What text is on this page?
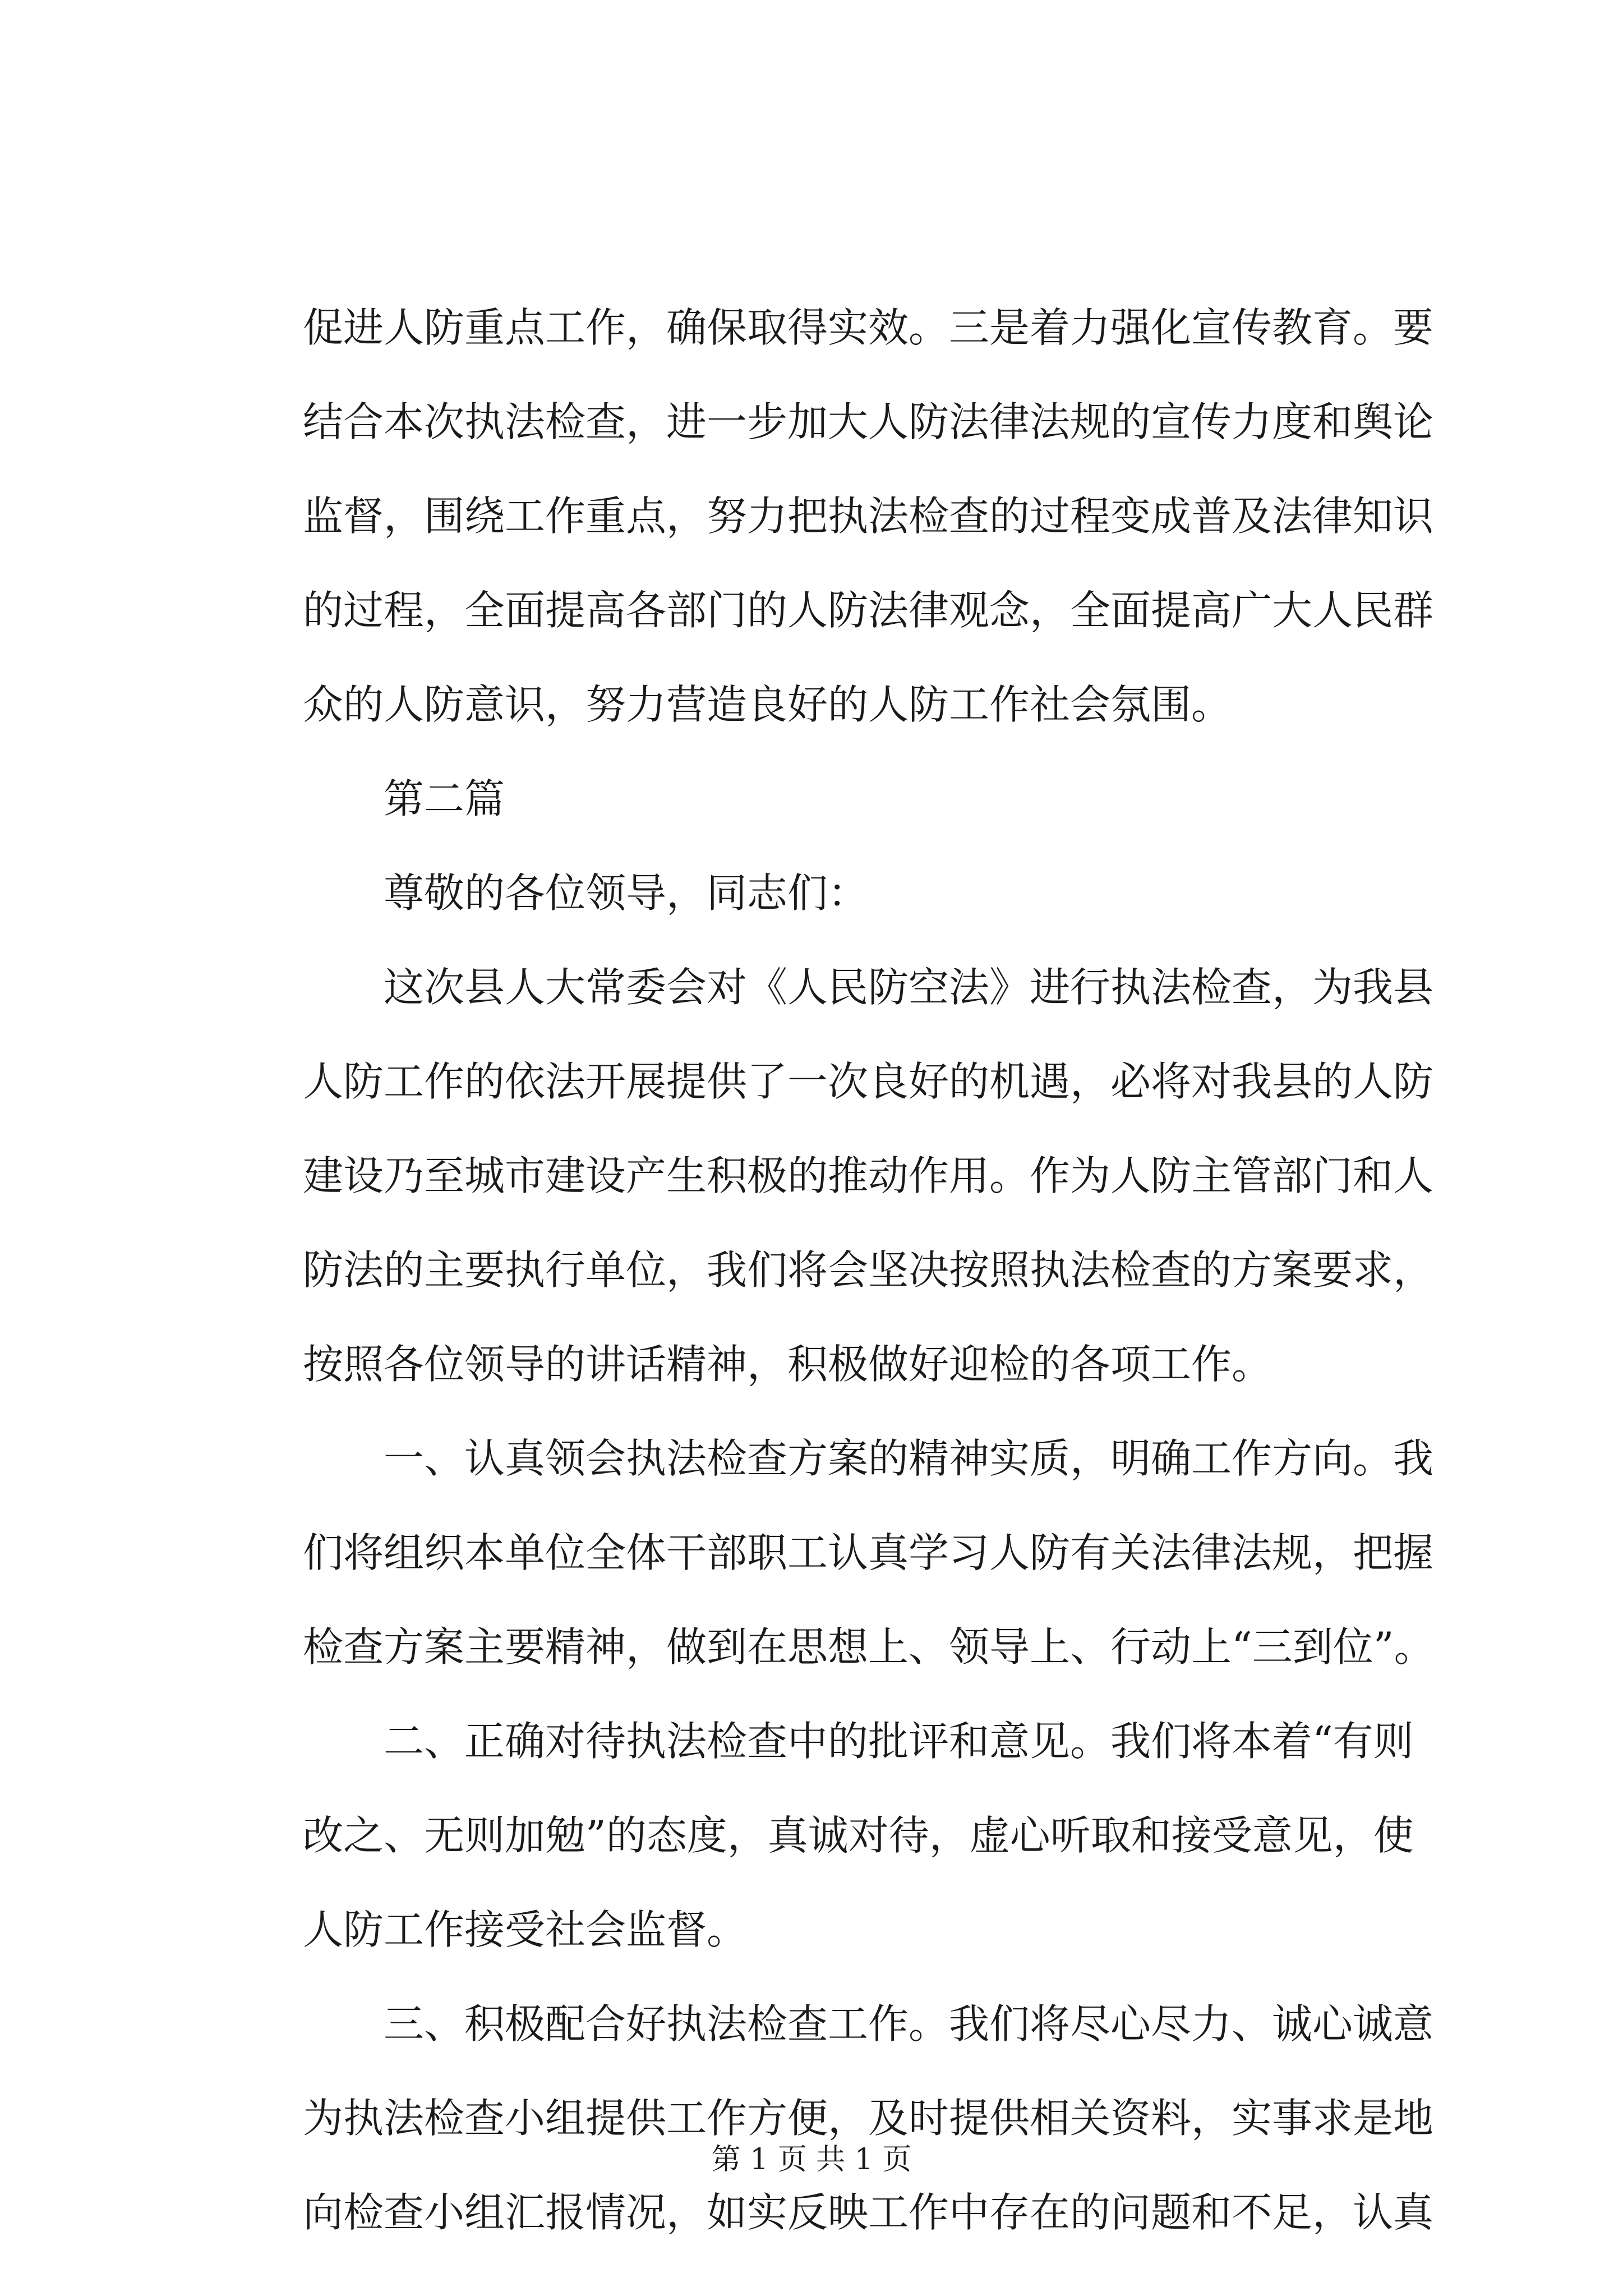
促进人防重点工作，确保取得实效。三是着力强化宣传教育。要
结合本次执法检查，进一步加大人防法律法规的宣传力度和舆论
监督，围绕工作重点，努力把执法检查的过程变成普及法律知识
的过程，全面提高各部门的人防法律观念，全面提高广大人民群
众的人防意识，努力营造良好的人防工作社会氛围。
第二篇
尊敬的各位领导，同志们：
这次县人大常委会对《人民防空法》进行执法检查，为我县
人防工作的依法开展提供了一次良好的机遇，必将对我县的人防
建设乃至城市建设产生积极的推动作用。作为人防主管部门和人
防法的主要执行单位，我们将会坚决按照执法检查的方案要求，
按照各位领导的讲话精神，积极做好迎检的各项工作。
一、认真领会执法检查方案的精神实质，明确工作方向。我
们将组织本单位全体干部职工认真学习人防有关法律法规，把握
检查方案主要精神，做到在思想上、领导上、行动上“三到位”。
二、正确对待执法检查中的批评和意见。我们将本着“有则
改之、无则加勉”的态度，真诚对待，虚心听取和接受意见，使
人防工作接受社会监督。
三、积极配合好执法检查工作。我们将尽心尽力、诚心诚意
为执法检查小组提供工作方便，及时提供相关资料，实事求是地
向检查小组汇报情况，如实反映工作中存在的问题和不足，认真
第 1 页 共 1 页
